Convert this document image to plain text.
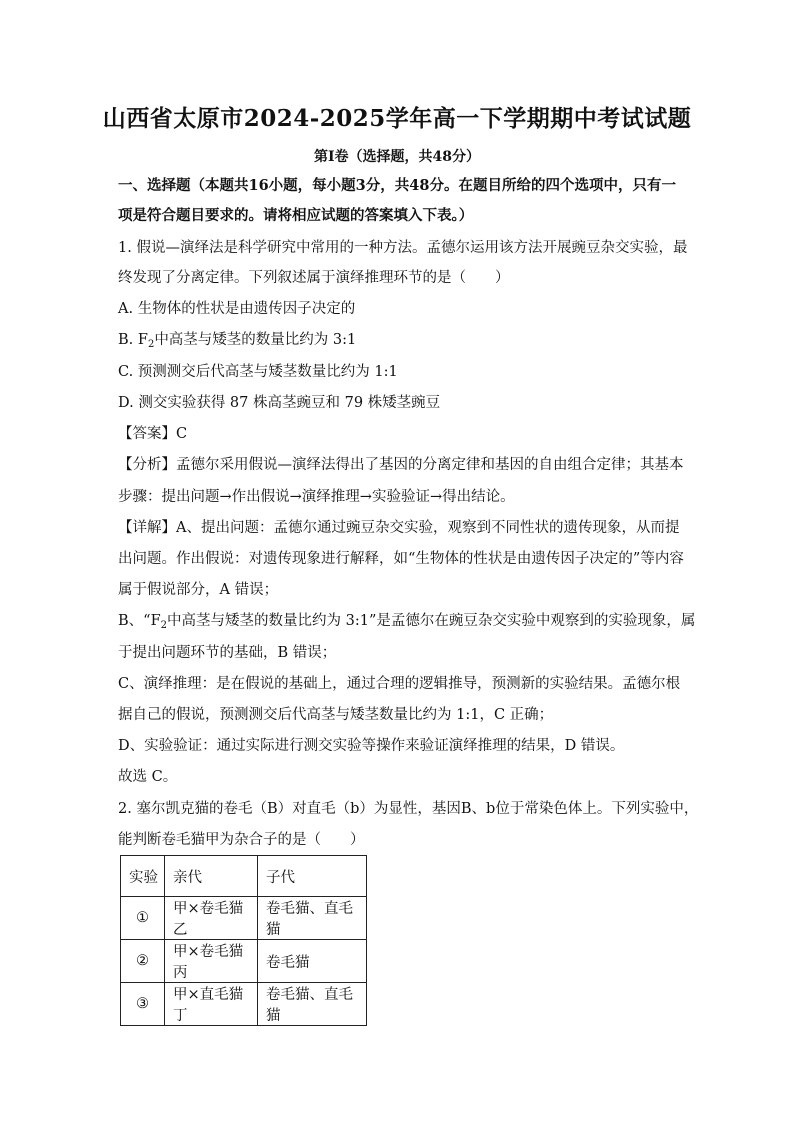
山西省太原市2024-2025学年高一下学期期中考试试题
第I卷（选择题，共48分）
一、选择题（本题共16小题，每小题3分，共48分。在题目所给的四个选项中，只有一
项是符合题目要求的。请将相应试题的答案填入下表。）
1. 假说—演绎法是科学研究中常用的一种方法。孟德尔运用该方法开展豌豆杂交实验，最
终发现了分离定律。下列叙述属于演绎推理环节的是（　　）
A. 生物体的性状是由遗传因子决定的
B. $F_2$中高茎与矮茎的数量比约为 3:1
C. 预测测交后代高茎与矮茎数量比约为 1:1
D. 测交实验获得 87 株高茎豌豆和 79 株矮茎豌豆
【答案】C
【分析】孟德尔采用假说—演绎法得出了基因的分离定律和基因的自由组合定律；其基本
步骤：提出问题→作出假说→演绎推理→实验验证→得出结论。
【详解】A、提出问题：孟德尔通过豌豆杂交实验，观察到不同性状的遗传现象，从而提
出问题。作出假说：对遗传现象进行解释，如“生物体的性状是由遗传因子决定的”等内容
属于假说部分，A 错误；
B、“$F_2$中高茎与矮茎的数量比约为 3:1”是孟德尔在豌豆杂交实验中观察到的实验现象，属
于提出问题环节的基础，B 错误；
C、演绎推理：是在假说的基础上，通过合理的逻辑推导，预测新的实验结果。孟德尔根
据自己的假说，预测测交后代高茎与矮茎数量比约为 1:1，C 正确；
D、实验验证：通过实际进行测交实验等操作来验证演绎推理的结果，D 错误。
故选 C。
2. 塞尔凯克猫的卷毛（B）对直毛（b）为显性，基因B、b位于常染色体上。下列实验中，
能判断卷毛猫甲为杂合子的是（　　）
实验	亲代	子代
①	甲×卷毛猫乙	卷毛猫、直毛猫
②	甲×卷毛猫丙	卷毛猫
③	甲×直毛猫丁	卷毛猫、直毛猫
